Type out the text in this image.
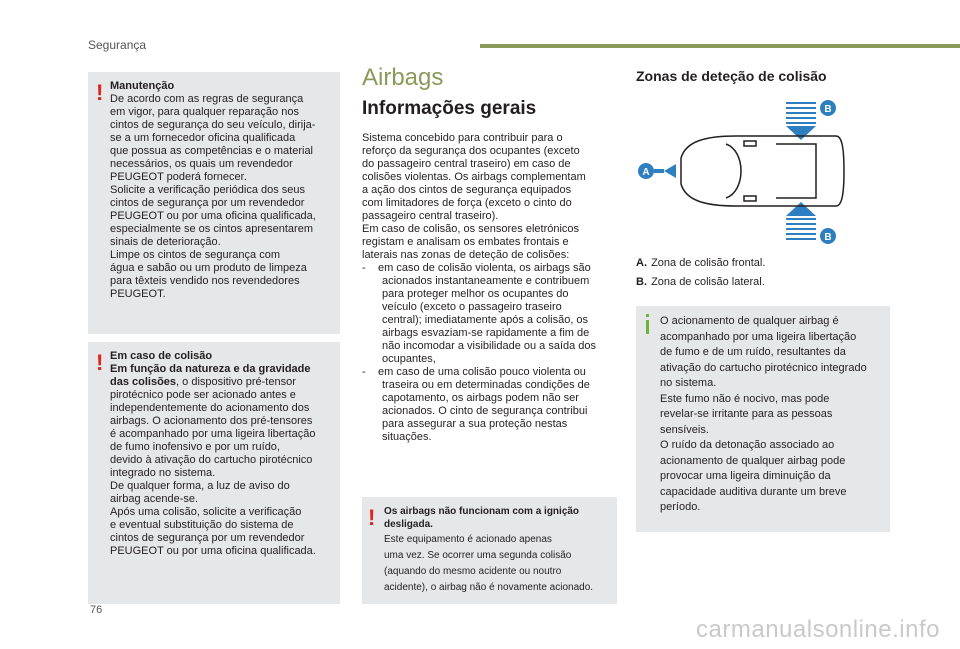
Segurança
! Manutenção

De acordo com as regras de segurança

em vigor, para qualquer reparação nos

cintos de segurança do seu veículo, dirija-

se a um fornecedor oficina qualificada

que possua as competências e o material

necessários, os quais um revendedor

PEUGEOT poderá fornecer.

Solicite a verificação periódica dos seus

cintos de segurança por um revendedor

PEUGEOT ou por uma oficina qualificada,

especialmente se os cintos apresentarem

sinais de deterioração.

Limpe os cintos de segurança com

água e sabão ou um produto de limpeza

para têxteis vendido nos revendedores

PEUGEOT.

! Em caso de colisão

Em função da natureza e da gravidade

das colisões, o dispositivo pré-tensor

pirotécnico pode ser acionado antes e

independentemente do acionamento dos

airbags. O acionamento dos pré-tensores

é acompanhado por uma ligeira libertação

de fumo inofensivo e por um ruído,

devido à ativação do cartucho pirotécnico

integrado no sistema.

De qualquer forma, a luz de aviso do

airbag acende-se.

Após uma colisão, solicite a verificação

e eventual substituição do sistema de

cintos de segurança por um revendedor

PEUGEOT ou por uma oficina qualificada.

Airbags
Informações gerais

Sistema concebido para contribuir para o

reforço da segurança dos ocupantes (exceto

do passageiro central traseiro) em caso de

colisões violentas. Os airbags complementam

a ação dos cintos de segurança equipados

com limitadores de força (exceto o cinto do

passageiro central traseiro).

Em caso de colisão, os sensores eletrónicos

registam e analisam os embates frontais e

laterais nas zonas de deteção de colisões:

- em caso de colisão violenta, os airbags são

acionados instantaneamente e contribuem

para proteger melhor os ocupantes do

veículo (exceto o passageiro traseiro

central); imediatamente após a colisão, os

airbags esvaziam-se rapidamente a fim de

não incomodar a visibilidade ou a saída dos

ocupantes,

- em caso de uma colisão pouco violenta ou

traseira ou em determinadas condições de

capotamento, os airbags podem não ser

acionados. O cinto de segurança contribui

para assegurar a sua proteção nestas

situações.

! Os airbags não funcionam com a ignição

desligada.

Este equipamento é acionado apenas

uma vez. Se ocorrer uma segunda colisão

(aquando do mesmo acidente ou noutro

acidente), o airbag não é novamente acionado.

Zonas de deteção de colisão
A
B
B
A. Zona de colisão frontal.
B. Zona de colisão lateral.

O acionamento de qualquer airbag é

acompanhado por uma ligeira libertação

de fumo e de um ruído, resultantes da

ativação do cartucho pirotécnico integrado

no sistema.

Este fumo não é nocivo, mas pode

revelar-se irritante para as pessoas

sensíveis.

O ruído da detonação associado ao

acionamento de qualquer airbag pode

provocar uma ligeira diminuição da

capacidade auditiva durante um breve

período.

76
carmanualsonline.info
